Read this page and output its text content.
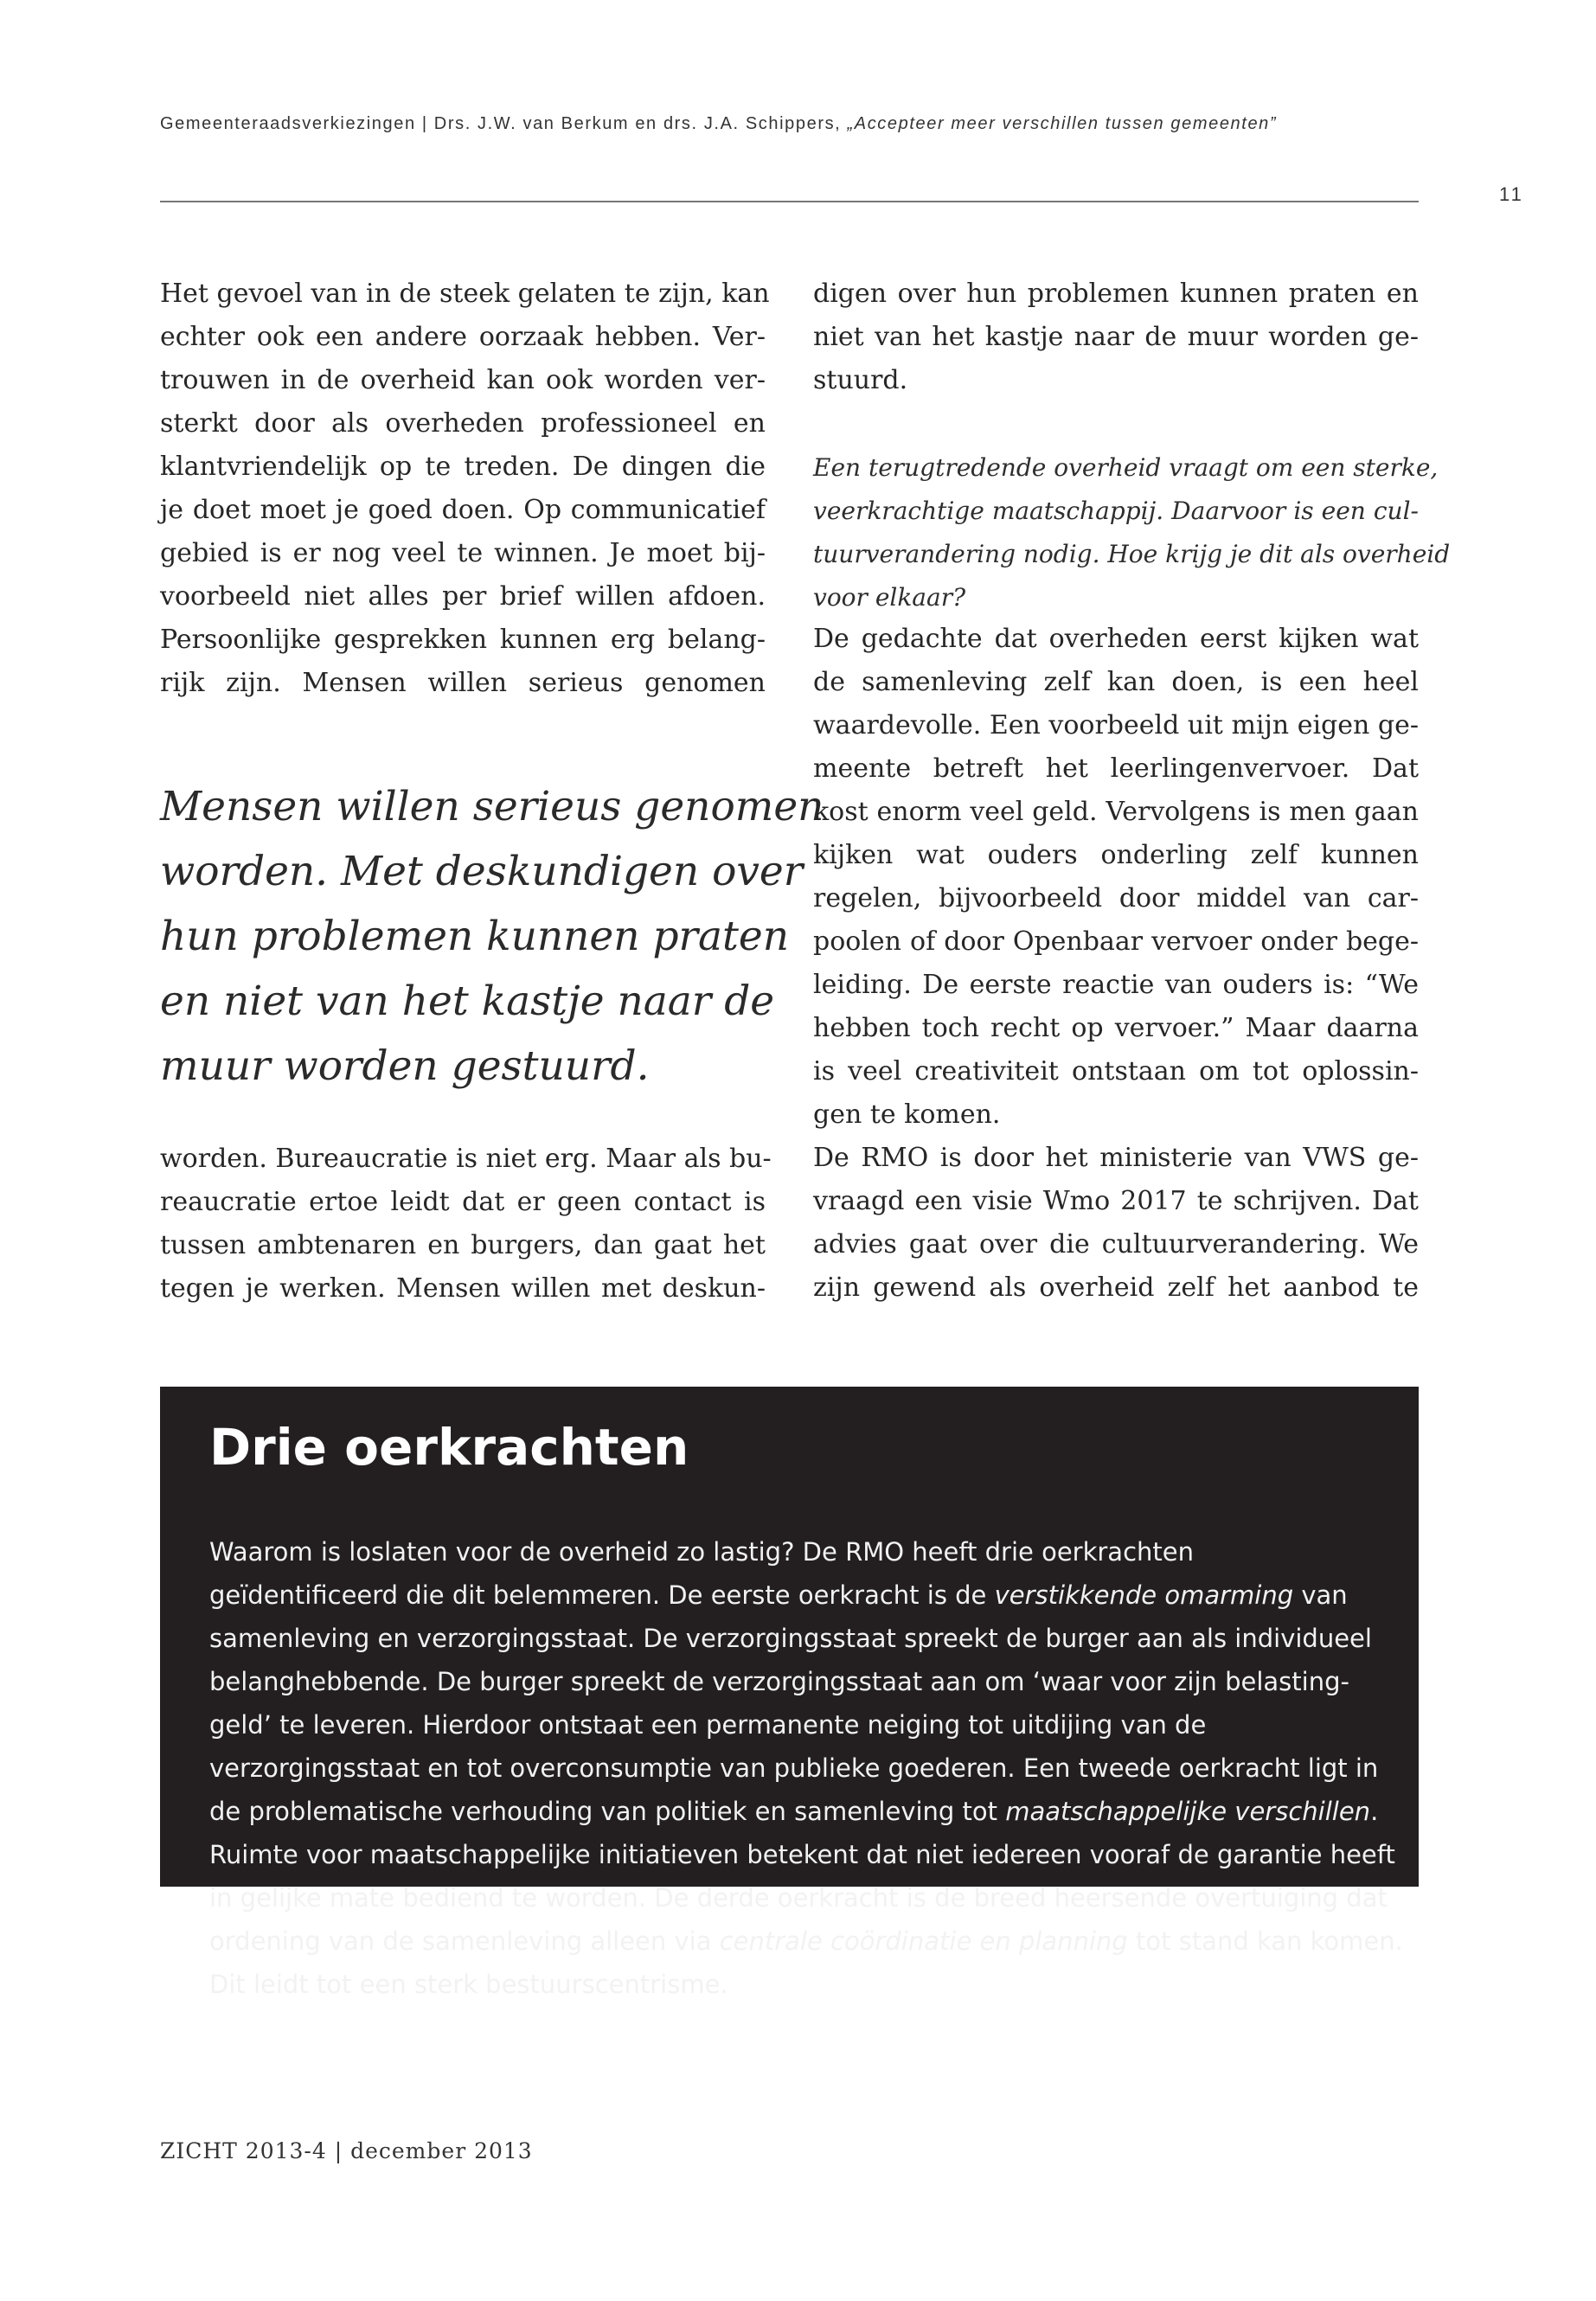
Gemeenteraadsverkiezingen | Drs. J.W. van Berkum en drs. J.A. Schippers, „Accepteer meer verschillen tussen gemeenten”
11
Het gevoel van in de steek gelaten te zijn, kan
echter ook een andere oorzaak hebben. Ver-
trouwen in de overheid kan ook worden ver-
sterkt door als overheden professioneel en
klantvriendelijk op te treden. De dingen die
je doet moet je goed doen. Op communicatief
gebied is er nog veel te winnen. Je moet bij-
voorbeeld niet alles per brief willen afdoen.
Persoonlijke gesprekken kunnen erg belang-
rijk zijn. Mensen willen serieus genomen
Mensen willen serieus genomen
worden. Met deskundigen over
hun problemen kunnen praten
en niet van het kastje naar de
muur worden gestuurd.
worden. Bureaucratie is niet erg. Maar als bu-
reaucratie ertoe leidt dat er geen contact is
tussen ambtenaren en burgers, dan gaat het
tegen je werken. Mensen willen met deskun-
digen over hun problemen kunnen praten en
niet van het kastje naar de muur worden ge-
stuurd.
Een terugtredende overheid vraagt om een sterke,
veerkrachtige maatschappij. Daarvoor is een cul-
tuurverandering nodig. Hoe krijg je dit als overheid
voor elkaar?
De gedachte dat overheden eerst kijken wat
de samenleving zelf kan doen, is een heel
waardevolle. Een voorbeeld uit mijn eigen ge-
meente betreft het leerlingenvervoer. Dat
kost enorm veel geld. Vervolgens is men gaan
kijken wat ouders onderling zelf kunnen
regelen, bijvoorbeeld door middel van car-
poolen of door Openbaar vervoer onder bege-
leiding. De eerste reactie van ouders is: “We
hebben toch recht op vervoer.” Maar daarna
is veel creativiteit ontstaan om tot oplossin-
gen te komen.
De RMO is door het ministerie van VWS ge-
vraagd een visie Wmo 2017 te schrijven. Dat
advies gaat over die cultuurverandering. We
zijn gewend als overheid zelf het aanbod te
Drie oerkrachten
Waarom is loslaten voor de overheid zo lastig? De RMO heeft drie oerkrachten
geïdentificeerd die dit belemmeren. De eerste oerkracht is de verstikkende omarming van
samenleving en verzorgingsstaat. De verzorgingsstaat spreekt de burger aan als individueel
belanghebbende. De burger spreekt de verzorgingsstaat aan om ‘waar voor zijn belasting-
geld’ te leveren. Hierdoor ontstaat een permanente neiging tot uitdijing van de
verzorgingsstaat en tot overconsumptie van publieke goederen. Een tweede oerkracht ligt in
de problematische verhouding van politiek en samenleving tot maatschappelijke verschillen.
Ruimte voor maatschappelijke initiatieven betekent dat niet iedereen vooraf de garantie heeft
in gelijke mate bediend te worden. De derde oerkracht is de breed heersende overtuiging dat
ordening van de samenleving alleen via centrale coördinatie en planning tot stand kan komen.
Dit leidt tot een sterk bestuurscentrisme.
ZICHT 2013-4 | december 2013
